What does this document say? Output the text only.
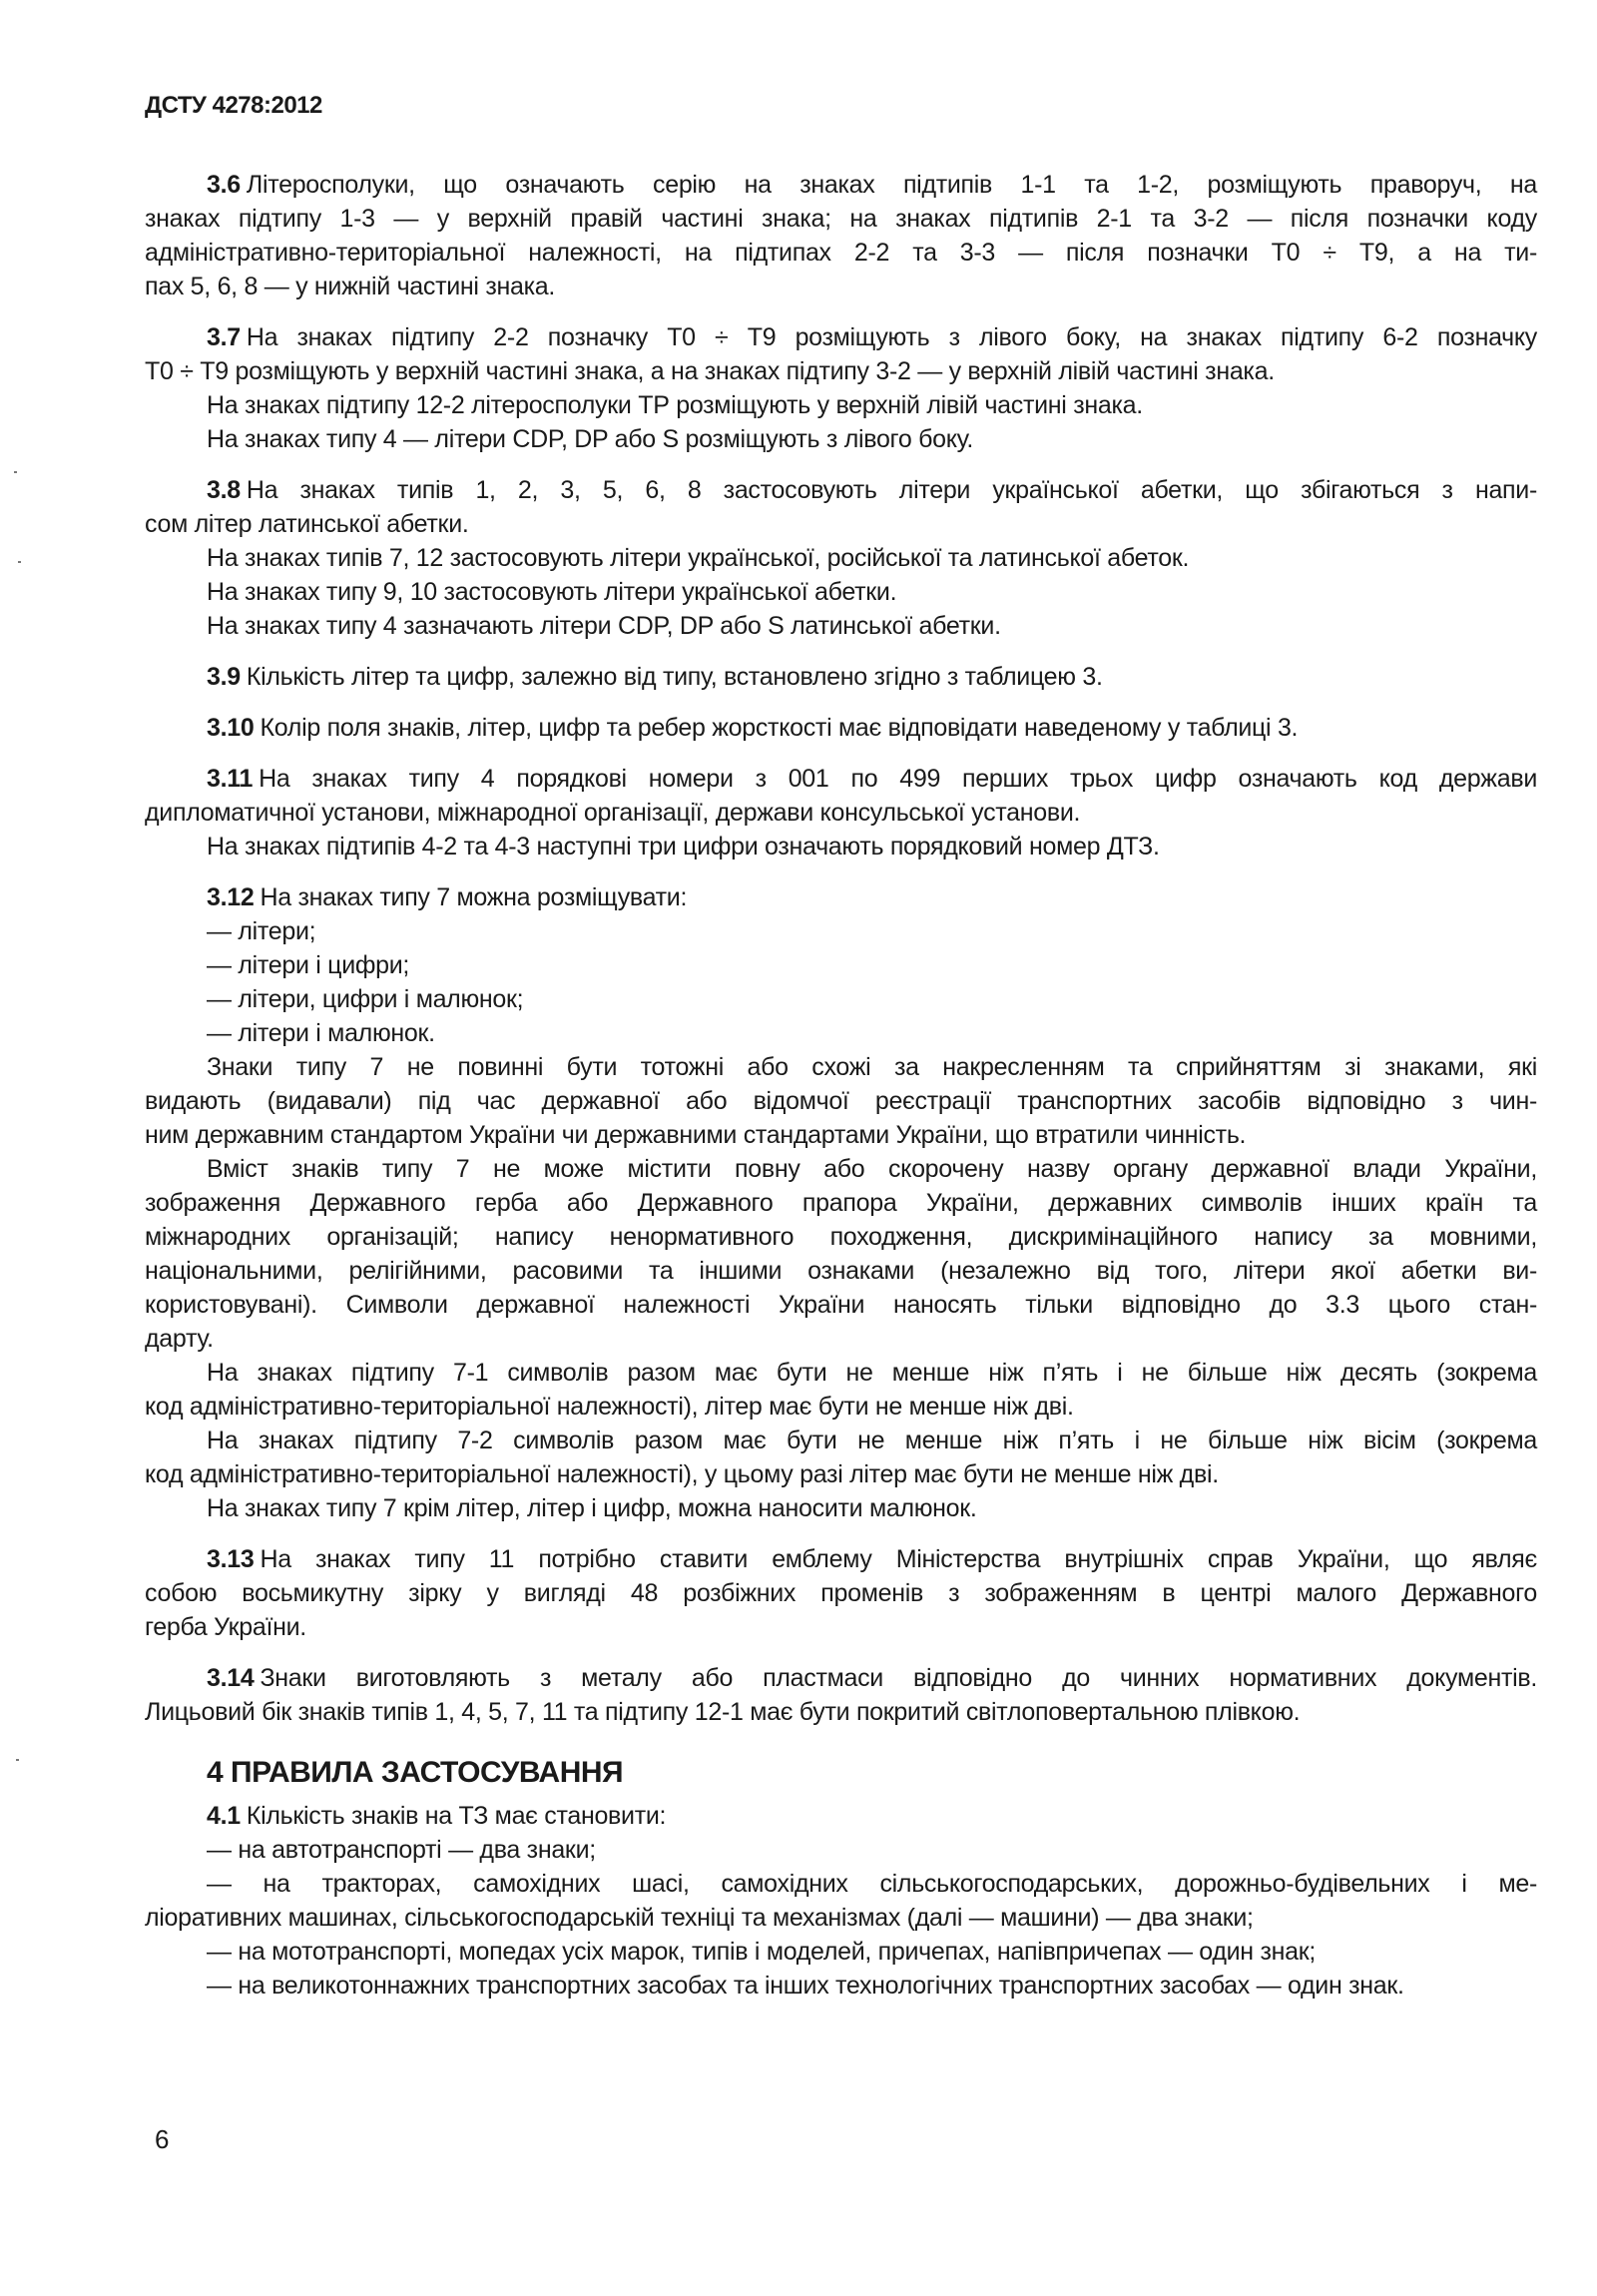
ДСТУ 4278:2012
3.6 Літеросполуки, що означають серію на знаках підтипів 1-1 та 1-2, розміщують праворуч, на
знаках підтипу 1-3 — у верхній правій частині знака; на знаках підтипів 2-1 та 3-2 — після позначки коду
адміністративно-територіальної належності, на підтипах 2-2 та 3-3 — після позначки Т0 ÷ Т9, а на ти-
пах 5, 6, 8 — у нижній частині знака.
3.7 На знаках підтипу 2-2 позначку Т0 ÷ Т9 розміщують з лівого боку, на знаках підтипу 6-2 позначку
Т0 ÷ Т9 розміщують у верхній частині знака, а на знаках підтипу 3-2 — у верхній лівій частині знака.
На знаках підтипу 12-2 літеросполуки ТР розміщують у верхній лівій частині знака.
На знаках типу 4 — літери CDP, DP або S розміщують з лівого боку.
3.8 На знаках типів 1, 2, 3, 5, 6, 8 застосовують літери української абетки, що збігаються з напи-
сом літер латинської абетки.
На знаках типів 7, 12 застосовують літери української, російської та латинської абеток.
На знаках типу 9, 10 застосовують літери української абетки.
На знаках типу 4 зазначають літери CDP, DP або S латинської абетки.
3.9 Кількість літер та цифр, залежно від типу, встановлено згідно з таблицею 3.
3.10 Колір поля знаків, літер, цифр та ребер жорсткості має відповідати наведеному у таблиці 3.
3.11 На знаках типу 4 порядкові номери з 001 по 499 перших трьох цифр означають код держави
дипломатичної установи, міжнародної організації, держави консульської установи.
На знаках підтипів 4-2 та 4-3 наступні три цифри означають порядковий номер ДТЗ.
3.12 На знаках типу 7 можна розміщувати:
— літери;
— літери і цифри;
— літери, цифри і малюнок;
— літери і малюнок.
Знаки типу 7 не повинні бути тотожні або схожі за накресленням та сприйняттям зі знаками, які
видають (видавали) під час державної або відомчої реєстрації транспортних засобів відповідно з чин-
ним державним стандартом України чи державними стандартами України, що втратили чинність.
Вміст знаків типу 7 не може містити повну або скорочену назву органу державної влади України,
зображення Державного герба або Державного прапора України, державних символів інших країн та
міжнародних організацій; напису ненормативного походження, дискримінаційного напису за мовними,
національними, релігійними, расовими та іншими ознаками (незалежно від того, літери якої абетки ви-
користовувані). Символи державної належності України наносять тільки відповідно до 3.3 цього стан-
дарту.
На знаках підтипу 7-1 символів разом має бути не менше ніж п’ять і не більше ніж десять (зокрема
код адміністративно-територіальної належності), літер має бути не менше ніж дві.
На знаках підтипу 7-2 символів разом має бути не менше ніж п’ять і не більше ніж вісім (зокрема
код адміністративно-територіальної належності), у цьому разі літер має бути не менше ніж дві.
На знаках типу 7 крім літер, літер і цифр, можна наносити малюнок.
3.13 На знаках типу 11 потрібно ставити емблему Міністерства внутрішніх справ України, що являє
собою восьмикутну зірку у вигляді 48 розбіжних променів з зображенням в центрі малого Державного
герба України.
3.14 Знаки виготовляють з металу або пластмаси відповідно до чинних нормативних документів.
Лицьовий бік знаків типів 1, 4, 5, 7, 11 та підтипу 12-1 має бути покритий світлоповертальною плівкою.
4 ПРАВИЛА ЗАСТОСУВАННЯ
4.1 Кількість знаків на ТЗ має становити:
— на автотранспорті — два знаки;
— на тракторах, самохідних шасі, самохідних сільськогосподарських, дорожньо-будівельних і ме-
ліоративних машинах, сільськогосподарській техніці та механізмах (далі — машини) — два знаки;
— на мототранспорті, мопедах усіх марок, типів і моделей, причепах, напівпричепах — один знак;
— на великотоннажних транспортних засобах та інших технологічних транспортних засобах — один знак.
6
